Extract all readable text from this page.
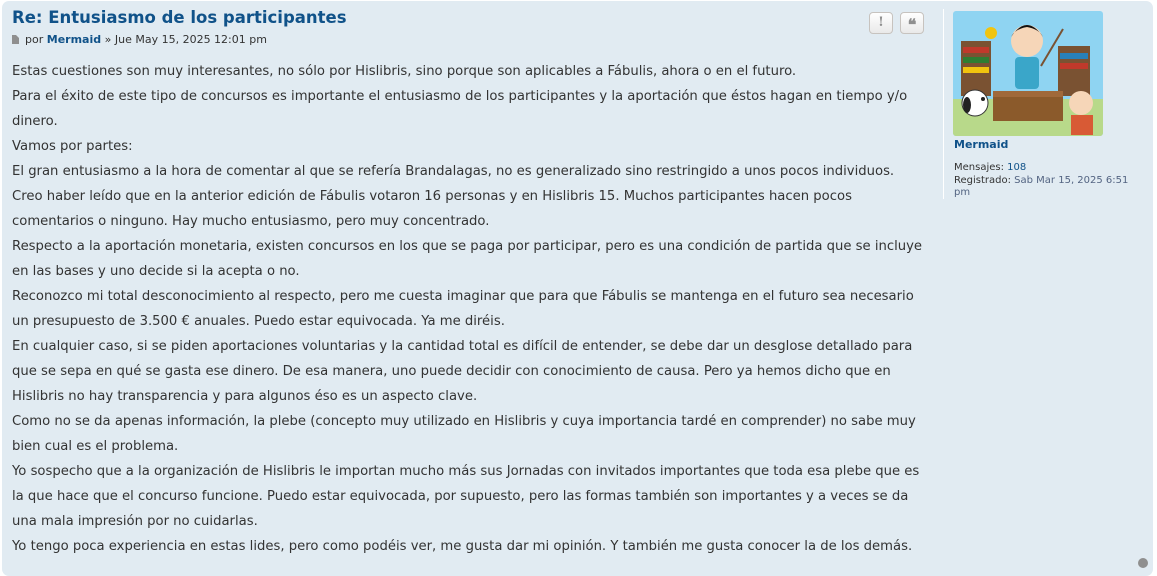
Re: Entusiasmo de los participantes
por Mermaid » Jue May 15, 2025 12:01 pm

Estas cuestiones son muy interesantes, no sólo por Hislibris, sino porque son aplicables a Fábulis, ahora o en el futuro.

Para el éxito de este tipo de concursos es importante el entusiasmo de los participantes y la aportación que éstos hagan en tiempo y/o dinero.

Vamos por partes:

El gran entusiasmo a la hora de comentar al que se refería Brandalagas, no es generalizado sino restringido a unos pocos individuos. Creo haber leído que en la anterior edición de Fábulis votaron 16 personas y en Hislibris 15. Muchos participantes hacen pocos comentarios o ninguno. Hay mucho entusiasmo, pero muy concentrado.

Respecto a la aportación monetaria, existen concursos en los que se paga por participar, pero es una condición de partida que se incluye en las bases y uno decide si la acepta o no.

Reconozco mi total desconocimiento al respecto, pero me cuesta imaginar que para que Fábulis se mantenga en el futuro sea necesario un presupuesto de 3.500 € anuales. Puedo estar equivocada. Ya me diréis.

En cualquier caso, si se piden aportaciones voluntarias y la cantidad total es difícil de entender, se debe dar un desglose detallado para que se sepa en qué se gasta ese dinero. De esa manera, uno puede decidir con conocimiento de causa. Pero ya hemos dicho que en Hislibris no hay transparencia y para algunos éso es un aspecto clave.

Como no se da apenas información, la plebe (concepto muy utilizado en Hislibris y cuya importancia tardé en comprender) no sabe muy bien cual es el problema.

Yo sospecho que a la organización de Hislibris le importan mucho más sus Jornadas con invitados importantes que toda esa plebe que es la que hace que el concurso funcione. Puedo estar equivocada, por supuesto, pero las formas también son importantes y a veces se da una mala impresión por no cuidarlas.

Yo tengo poca experiencia en estas lides, pero como podéis ver, me gusta dar mi opinión. Y también me gusta conocer la de los demás.

!	❝
Mermaid
Mensajes: 108
Registrado: Sab Mar 15, 2025 6:51 pm
